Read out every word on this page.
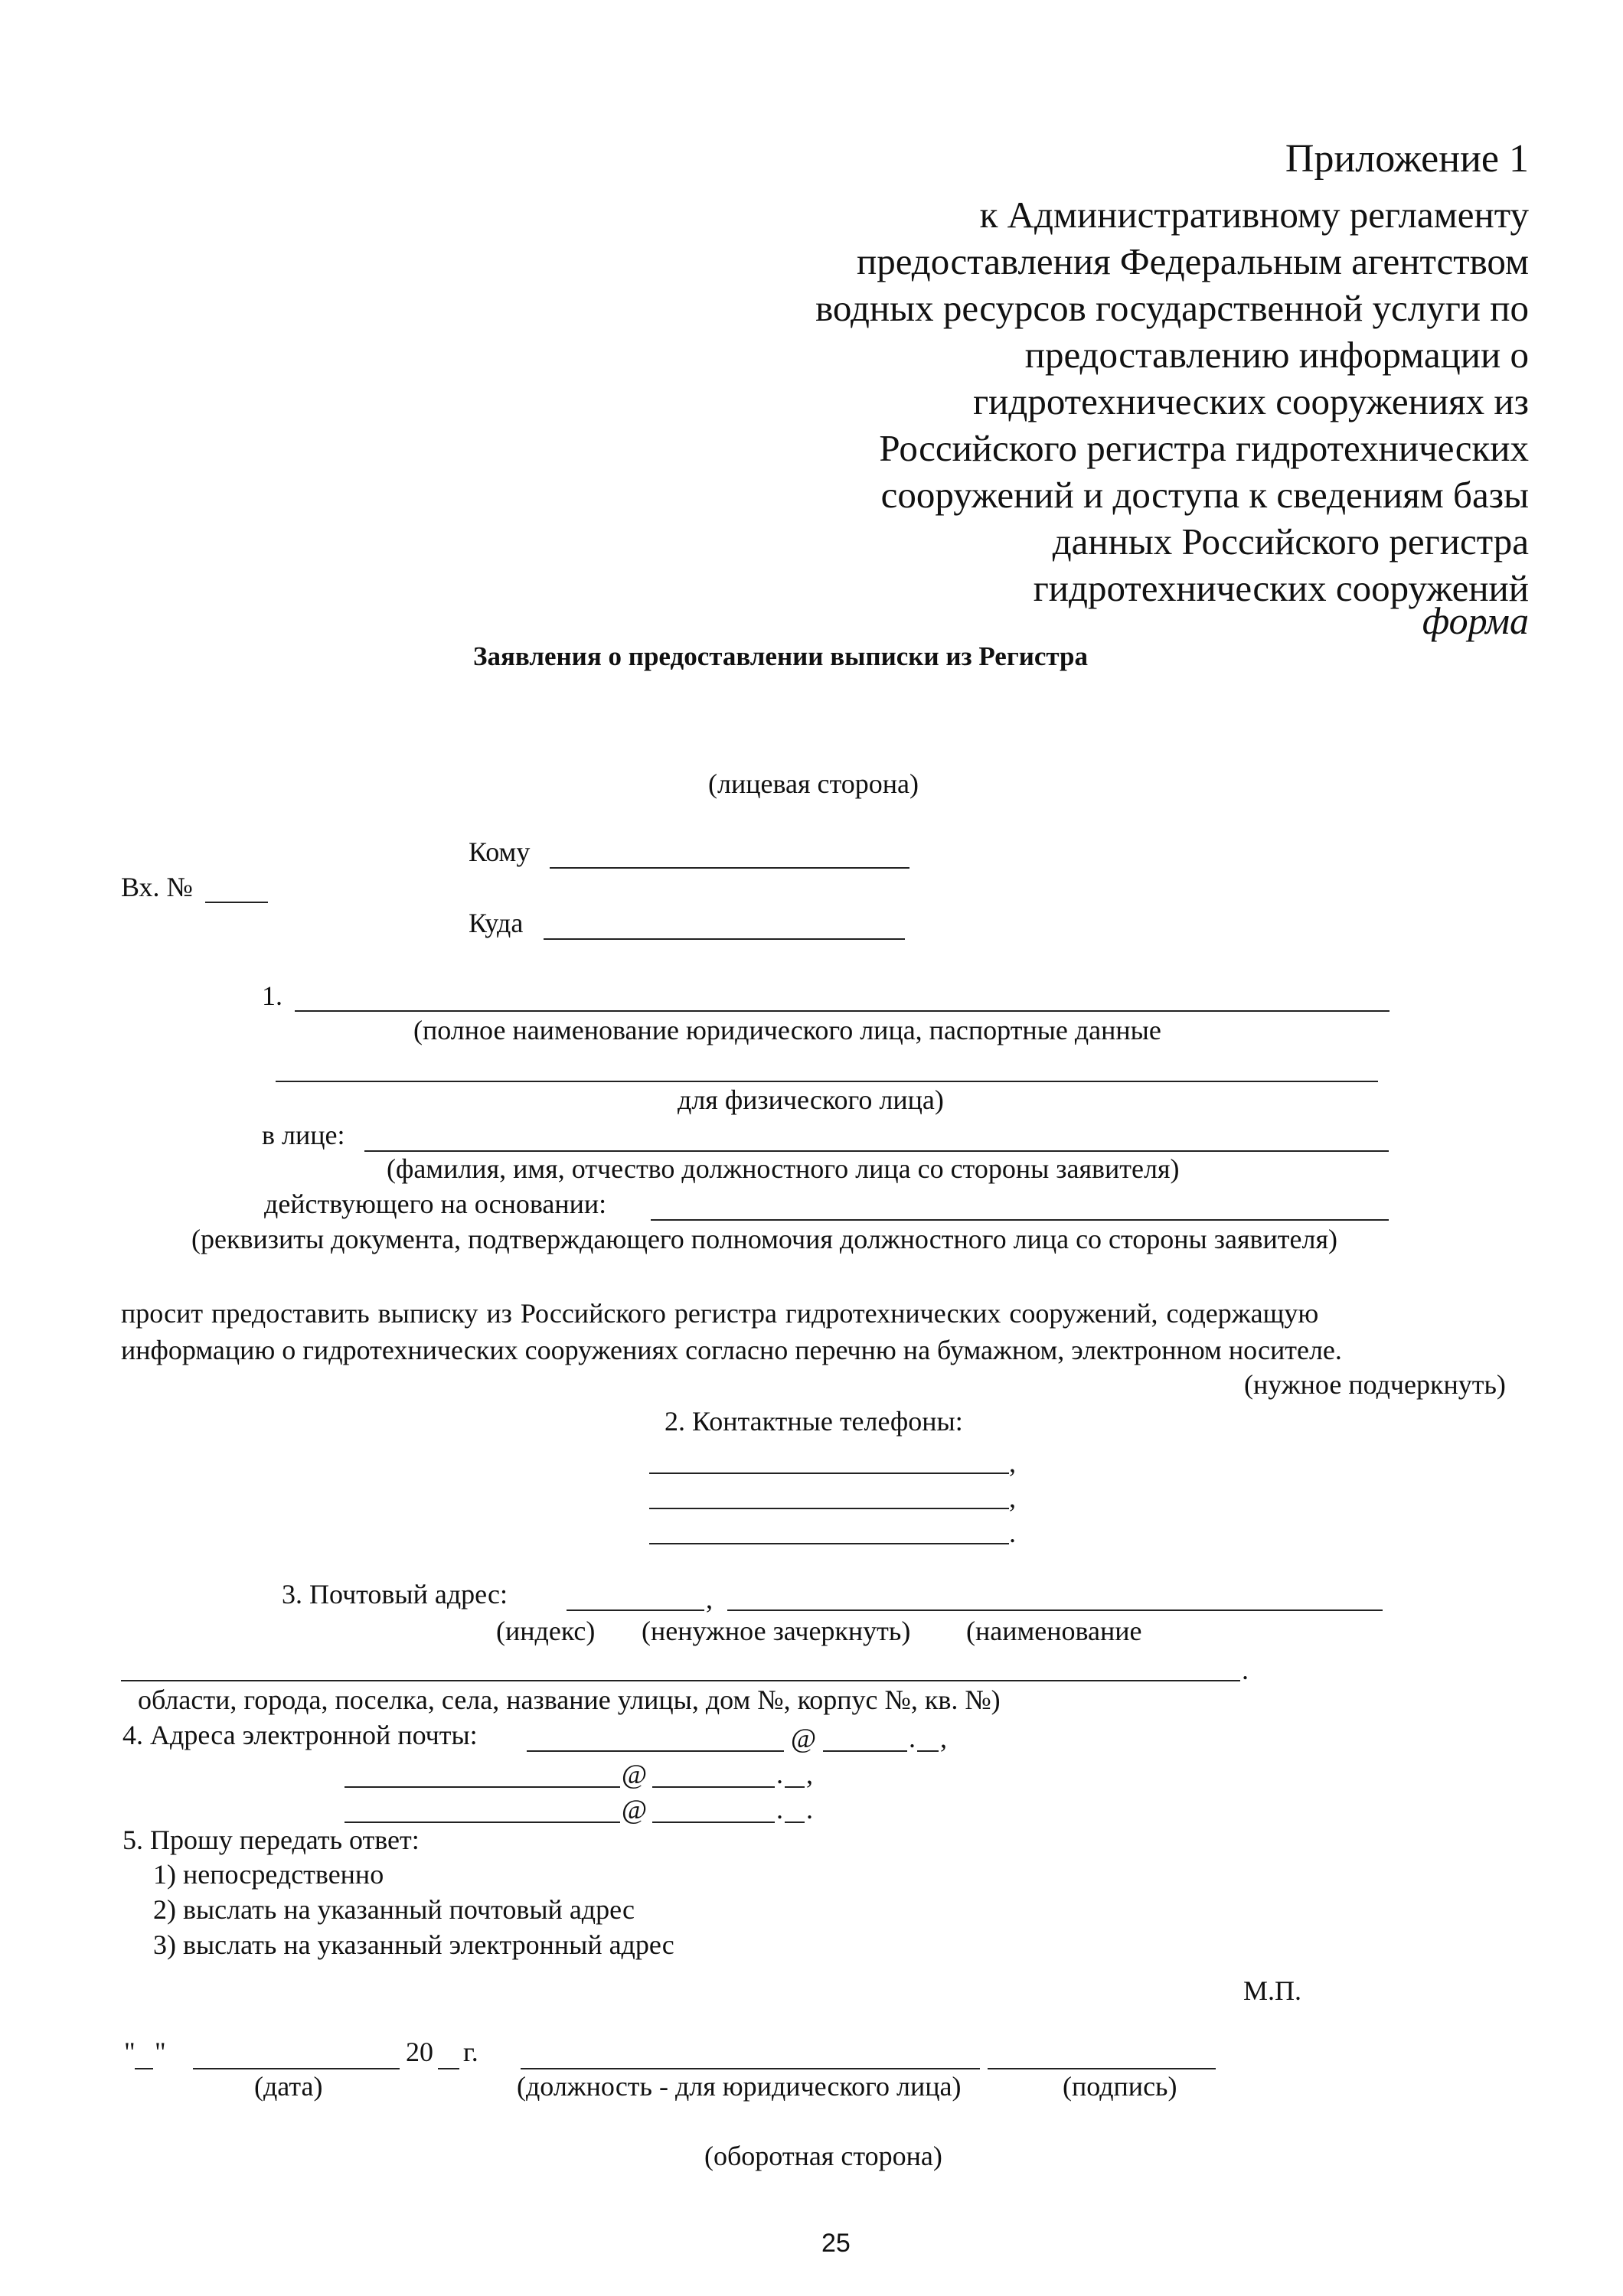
Приложение 1
к Административному регламенту
предоставления Федеральным агентством
водных ресурсов государственной услуги по
предоставлению информации о
гидротехнических сооружениях из
Российского регистра гидротехнических
сооружений и доступа к сведениям базы
данных Российского регистра
гидротехнических сооружений
форма
Заявления о предоставлении выписки из Регистра
(лицевая сторона)
Кому
Вх. №
Куда
1.
(полное наименование юридического лица, паспортные данные
для физического лица)
в лице:
(фамилия, имя, отчество должностного лица со стороны заявителя)
действующего на основании:
(реквизиты документа, подтверждающего полномочия должностного лица со стороны заявителя)
просит предоставить выписку из Российского регистра гидротехнических сооружений, содержащую
информацию о гидротехнических сооружениях согласно перечню на бумажном, электронном носителе.
(нужное подчеркнуть)
2. Контактные телефоны:
,
,
.
3. Почтовый адрес:	,
(индекс) (ненужное зачеркнуть) (наименование
.
области, города, поселка, села, название улицы, дом №, корпус №, кв. №)
4. Адреса электронной почты:	@	. ,
@	. ,
@	. .
5. Прошу передать ответ:
1) непосредственно
2) выслать на указанный почтовый адрес
3) выслать на указанный электронный адрес
М.П.
" "	20 г.
(дата)	(должность - для юридического лица)	(подпись)
(оборотная сторона)
25
